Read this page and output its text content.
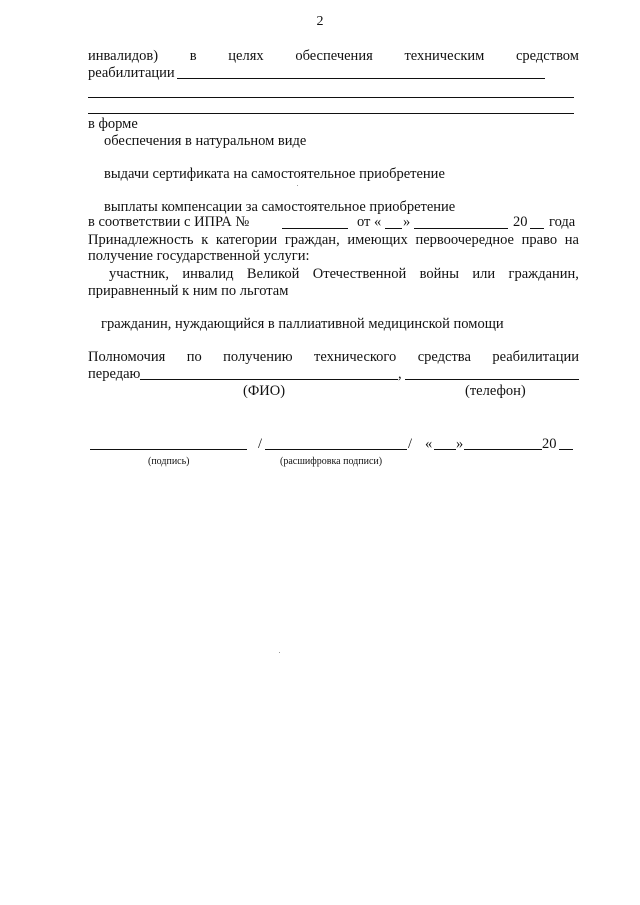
2
инвалидов) в целях обеспечения техническим средством
реабилитации
в форме
обеспечения в натуральном виде
выдачи сертификата на самостоятельное приобретение
выплаты компенсации за самостоятельное приобретение
в соответствии с ИПРА №	от « »	20 года
Принадлежность к категории граждан, имеющих первоочередное право на
получение государственной услуги:
участник, инвалид Великой Отечественной войны или гражданин,
приравненный к ним по льготам
гражданин, нуждающийся в паллиативной медицинской помощи
Полномочия по получению технического средства реабилитации
передаю	,
(ФИО)	(телефон)
/	/ « »	20
(подпись)	(расшифровка подписи)
